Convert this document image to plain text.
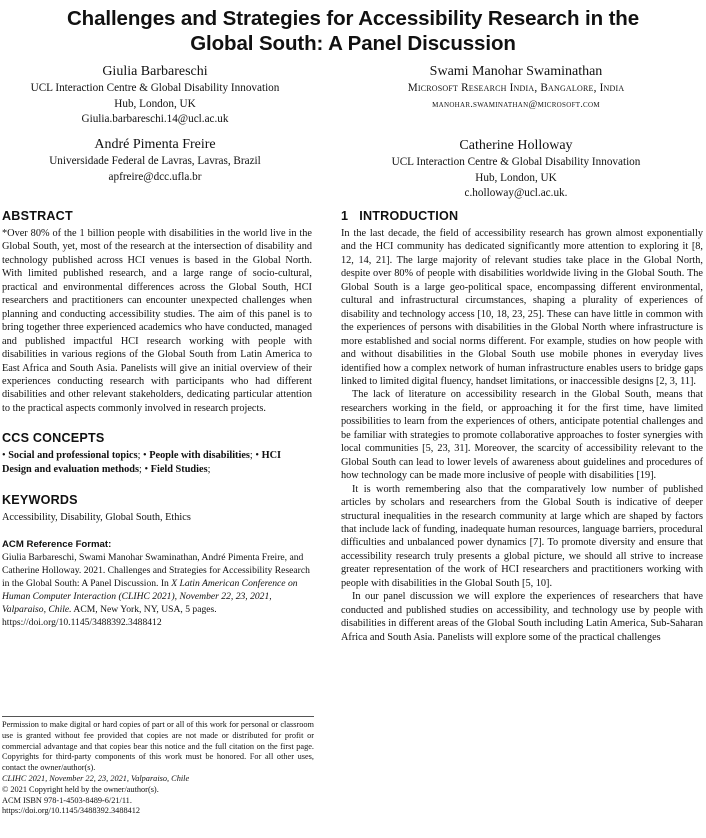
Challenges and Strategies for Accessibility Research in the
Global South: A Panel Discussion
Giulia Barbareschi
UCL Interaction Centre & Global Disability Innovation
Hub, London, UK
Giulia.barbareschi.14@ucl.ac.uk
Swami Manohar Swaminathan
Microsoft Research India, Bangalore, India
manohar.swaminathan@microsoft.com
André Pimenta Freire
Universidade Federal de Lavras, Lavras, Brazil
apfreire@dcc.ufla.br
Catherine Holloway
UCL Interaction Centre & Global Disability Innovation
Hub, London, UK
c.holloway@ucl.ac.uk.
ABSTRACT

*Over 80% of the 1 billion people with disabilities in the world live in the Global South, yet, most of the research at the intersection of disability and technology published across HCI venues is based in the Global North. With limited published research, and a large range of socio-cultural, practical and environmental differences across the Global South, HCI researchers and practitioners can encounter unexpected challenges when planning and conducting accessibility studies. The aim of this panel is to bring together three experienced academics who have conducted, managed and published impactful HCI research working with people with disabilities in various regions of the Global South from Latin America to East Africa and South Asia. Panelists will give an initial overview of their experiences conducting research with participants who had different disabilities and other relevant stakeholders, dedicating particular attention to the practical aspects commonly involved in research projects.

CCS CONCEPTS

• Social and professional topics; • People with disabilities; • HCI Design and evaluation methods; • Field Studies;

KEYWORDS

Accessibility, Disability, Global South, Ethics

ACM Reference Format:

Giulia Barbareschi, Swami Manohar Swaminathan, André Pimenta Freire, and Catherine Holloway. 2021. Challenges and Strategies for Accessibility Research in the Global South: A Panel Discussion. In X Latin American Conference on Human Computer Interaction (CLIHC 2021), November 22, 23, 2021, Valparaiso, Chile. ACM, New York, NY, USA, 5 pages. https://doi.org/10.1145/3488392.3488412

Permission to make digital or hard copies of part or all of this work for personal or classroom use is granted without fee provided that copies are not made or distributed for profit or commercial advantage and that copies bear this notice and the full citation on the first page. Copyrights for third-party components of this work must be honored. For all other uses, contact the owner/author(s).

CLIHC 2021, November 22, 23, 2021, Valparaiso, Chile

© 2021 Copyright held by the owner/author(s).

ACM ISBN 978-1-4503-8489-6/21/11.

https://doi.org/10.1145/3488392.3488412

1   INTRODUCTION

In the last decade, the field of accessibility research has grown almost exponentially and the HCI community has dedicated significantly more attention to exploring it [8, 12, 14, 21]. The large majority of relevant studies take place in the Global North, despite over 80% of people with disabilities worldwide living in the Global South. The Global South is a large geo-political space, encompassing different environmental, cultural and infrastructural circumstances, shaping a plurality of experiences of disability and technology access [10, 18, 23, 25]. These can have little in common with the experiences of persons with disabilities in the Global North where infrastructure is more established and social norms different. For example, studies on how people with and without disabilities in the Global South use mobile phones in everyday lives identified how a complex network of human infrastructure enables users to bridge gaps linked to limited digital fluency, handset limitations, or inaccessible designs [2, 3, 11].

The lack of literature on accessibility research in the Global South, means that researchers working in the field, or approaching it for the first time, have limited possibilities to learn from the experiences of others, anticipate potential challenges and be familiar with strategies to promote collaborative approaches to foster synergies with local communities [5, 23, 31]. Moreover, the scarcity of accessibility relevant to the Global South can lead to lower levels of awareness about guidelines and procedures of how technology can be made more inclusive of people with disabilities [19].

It is worth remembering also that the comparatively low number of published articles by scholars and researchers from the Global South is indicative of deeper structural inequalities in the research community at large which are shaped by factors that include lack of funding, inadequate human resources, language barriers, procedural difficulties and unbalanced power dynamics [7]. To promote diversity and ensure that accessibility research truly presents a global picture, we should all strive to increase greater representation of the work of HCI researchers and practitioners working with people with disabilities in the Global South [5, 10].

In our panel discussion we will explore the experiences of researchers that have conducted and published studies on accessibility, and technology use by people with disabilities in different areas of the Global South including Latin America, Sub-Saharan Africa and South Asia. Panelists will explore some of the practical challenges
